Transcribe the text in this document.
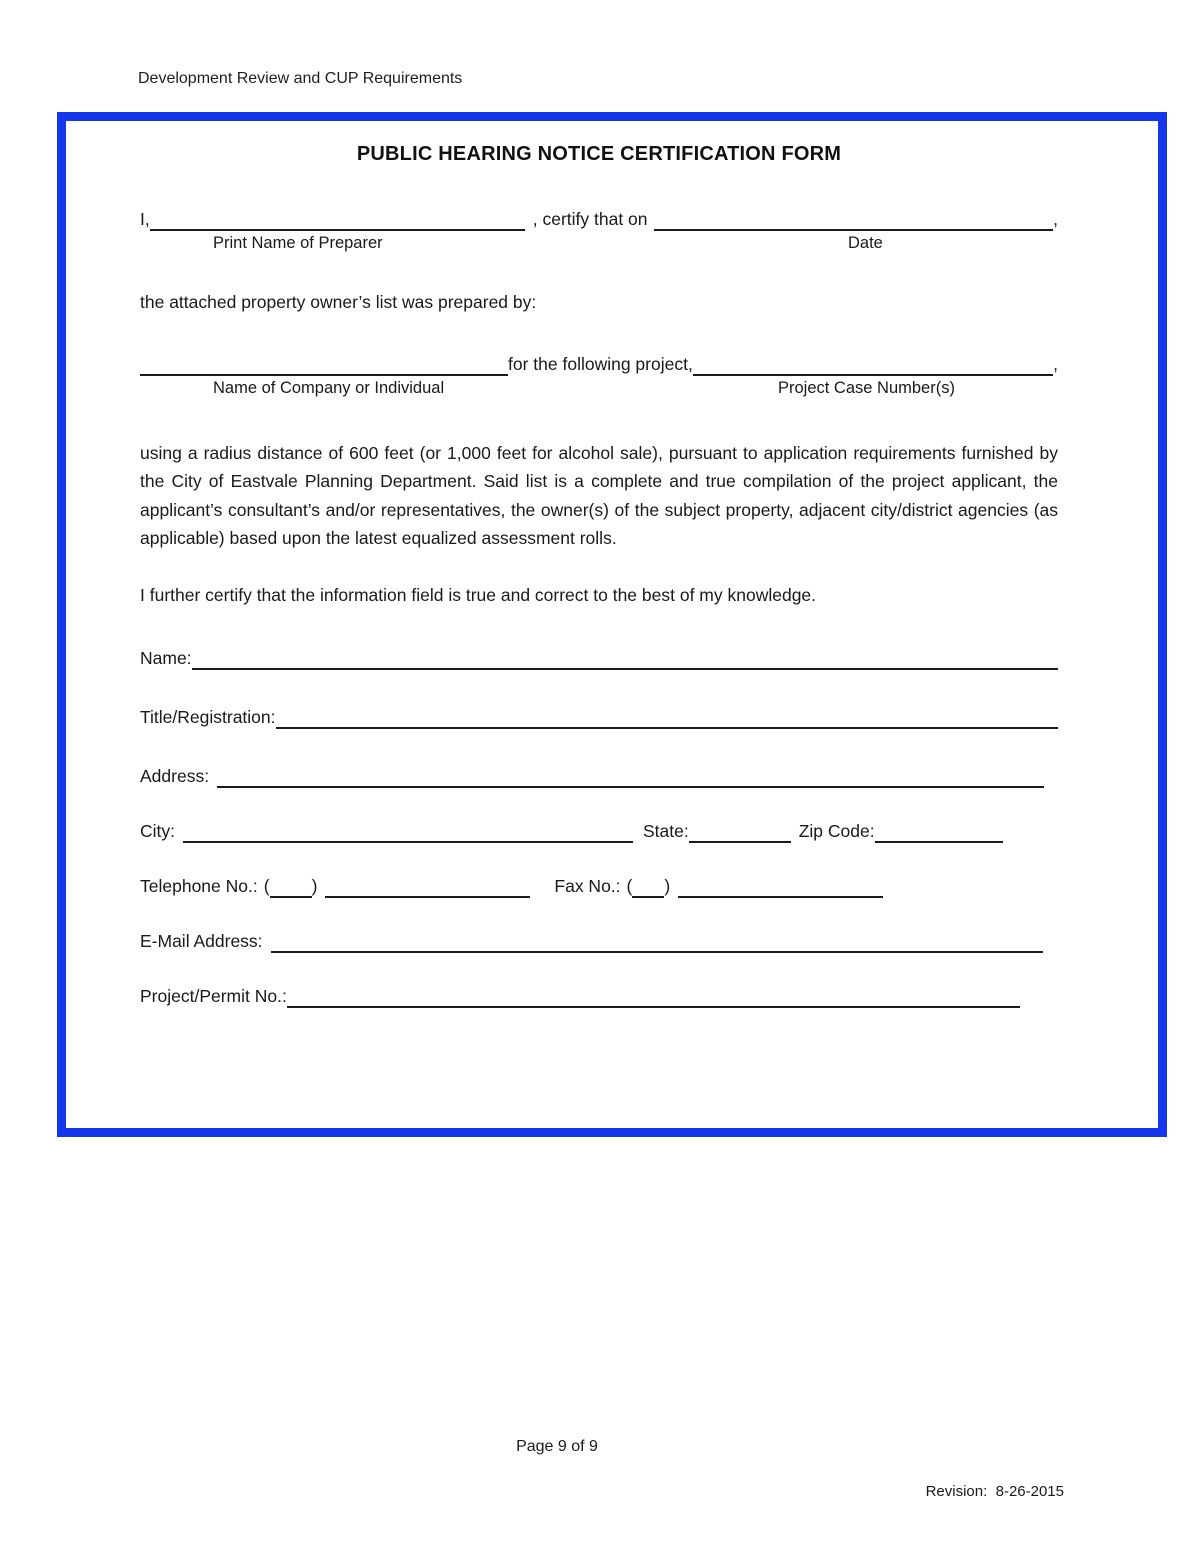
Development Review and CUP Requirements
PUBLIC HEARING NOTICE CERTIFICATION FORM
I,	, certify that on	,
Print Name of Preparer	Date
the attached property owner’s list was prepared by:
for the following project,	,
Name of Company or Individual	Project Case Number(s)
using a radius distance of 600 feet (or 1,000 feet for alcohol sale), pursuant to application requirements furnished by the City of Eastvale Planning Department. Said list is a complete and true compilation of the project applicant, the applicant’s consultant’s and/or representatives, the owner(s) of the subject property, adjacent city/district agencies (as applicable) based upon the latest equalized assessment rolls.
I further certify that the information field is true and correct to the best of my knowledge.
Name:
Title/Registration:
Address:
City:	State:	Zip Code:
Telephone No.: ( )	Fax No.: ( )
E-Mail Address:
Project/Permit No.:
Page 9 of 9
Revision:  8-26-2015
